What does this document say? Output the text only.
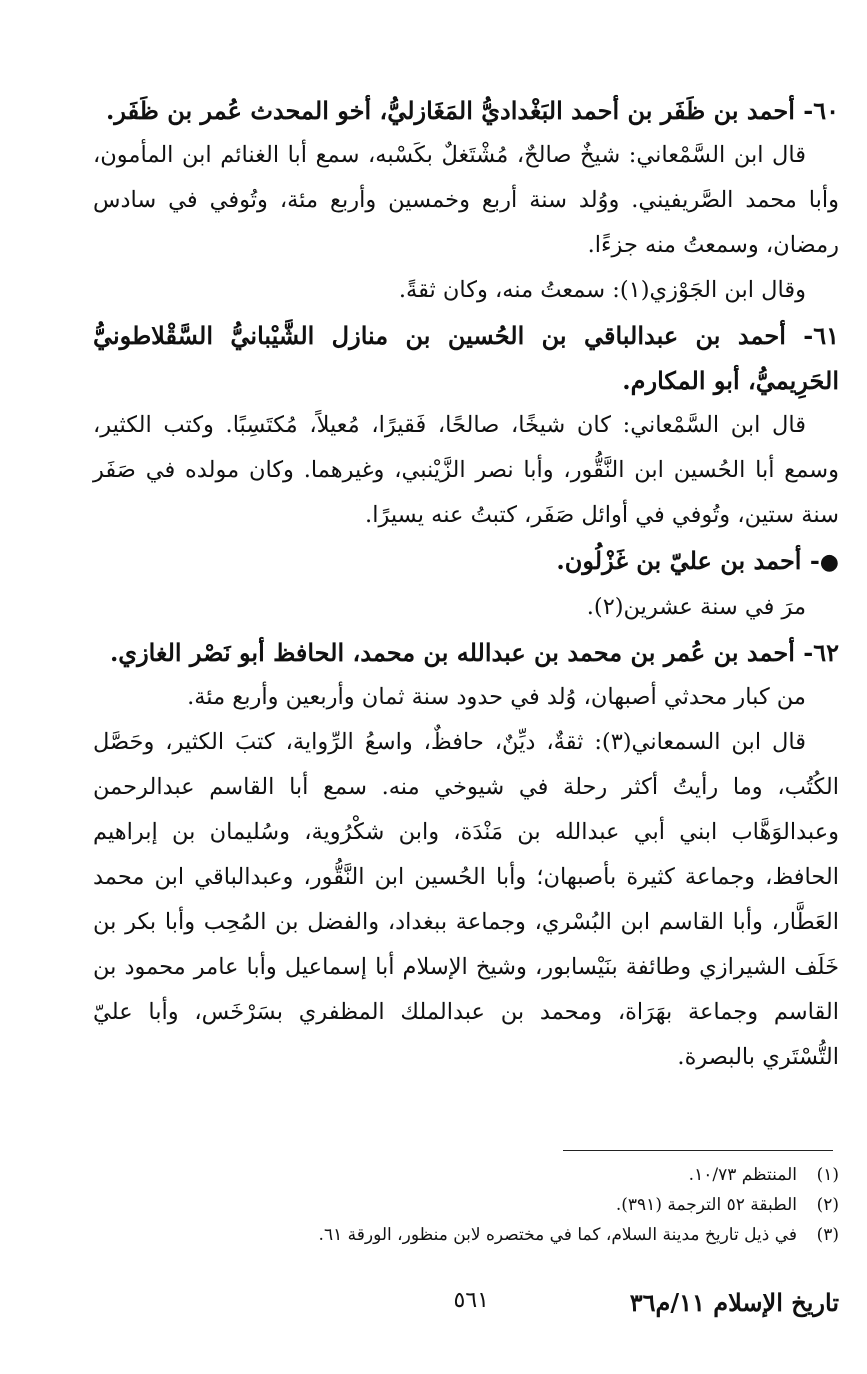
٦٠- أحمد بن ظَفَر بن أحمد البَغْداديُّ المَغَازليُّ، أخو المحدث عُمر بن ظَفَر.

قال ابن السَّمْعاني: شيخٌ صالحٌ، مُشْتَغلٌ بكَسْبه، سمع أبا الغنائم ابن المأمون، وأبا محمد الصَّريفيني. ووُلد سنة أربع وخمسين وأربع مئة، وتُوفي في سادس رمضان، وسمعتُ منه جزءًا.

وقال ابن الجَوْزي(١): سمعتُ منه، وكان ثقةً.

٦١- أحمد بن عبدالباقي بن الحُسين بن منازل الشَّيْبانيُّ السَّقْلاطونيُّ الحَرِيميُّ، أبو المكارم.

قال ابن السَّمْعاني: كان شيخًا، صالحًا، فَقيرًا، مُعيلاً، مُكتَسِبًا. وكتب الكثير، وسمع أبا الحُسين ابن النَّقُّور، وأبا نصر الزَّيْنبي، وغيرهما. وكان مولده في صَفَر سنة ستين، وتُوفي في أوائل صَفَر، كتبتُ عنه يسيرًا.

●- أحمد بن عليّ بن غَزْلُون.

مرَ في سنة عشرين(٢).

٦٢- أحمد بن عُمر بن محمد بن عبدالله بن محمد، الحافظ أبو نَصْر الغازي.

من كبار محدثي أصبهان، وُلد في حدود سنة ثمان وأربعين وأربع مئة.

قال ابن السمعاني(٣): ثقةٌ، ديِّنٌ، حافظٌ، واسعُ الرِّواية، كتبَ الكثير، وحَصَّل الكُتُب، وما رأيتُ أكثر رحلة في شيوخي منه. سمع أبا القاسم عبدالرحمن وعبدالوَهَّاب ابني أبي عبدالله بن مَنْدَة، وابن شكْرُوية، وسُليمان بن إبراهيم الحافظ، وجماعة كثيرة بأصبهان؛ وأبا الحُسين ابن النَّقُّور، وعبدالباقي ابن محمد العَطَّار، وأبا القاسم ابن البُسْري، وجماعة ببغداد، والفضل بن المُحِب وأبا بكر بن خَلَف الشيرازي وطائفة بنَيْسابور، وشيخ الإسلام أبا إسماعيل وأبا عامر محمود بن القاسم وجماعة بهَرَاة، ومحمد بن عبدالملك المظفري بسَرْخَس، وأبا عليّ التُّسْتَري بالبصرة.

(١)
المنتظم ١٠/٧٣.
(٢)
الطبقة ٥٢ الترجمة (٣٩١).
(٣)
في ذيل تاريخ مدينة السلام، كما في مختصره لابن منظور، الورقة ٦١.
تاريخ الإسلام ١١/م٣٦
٥٦١
